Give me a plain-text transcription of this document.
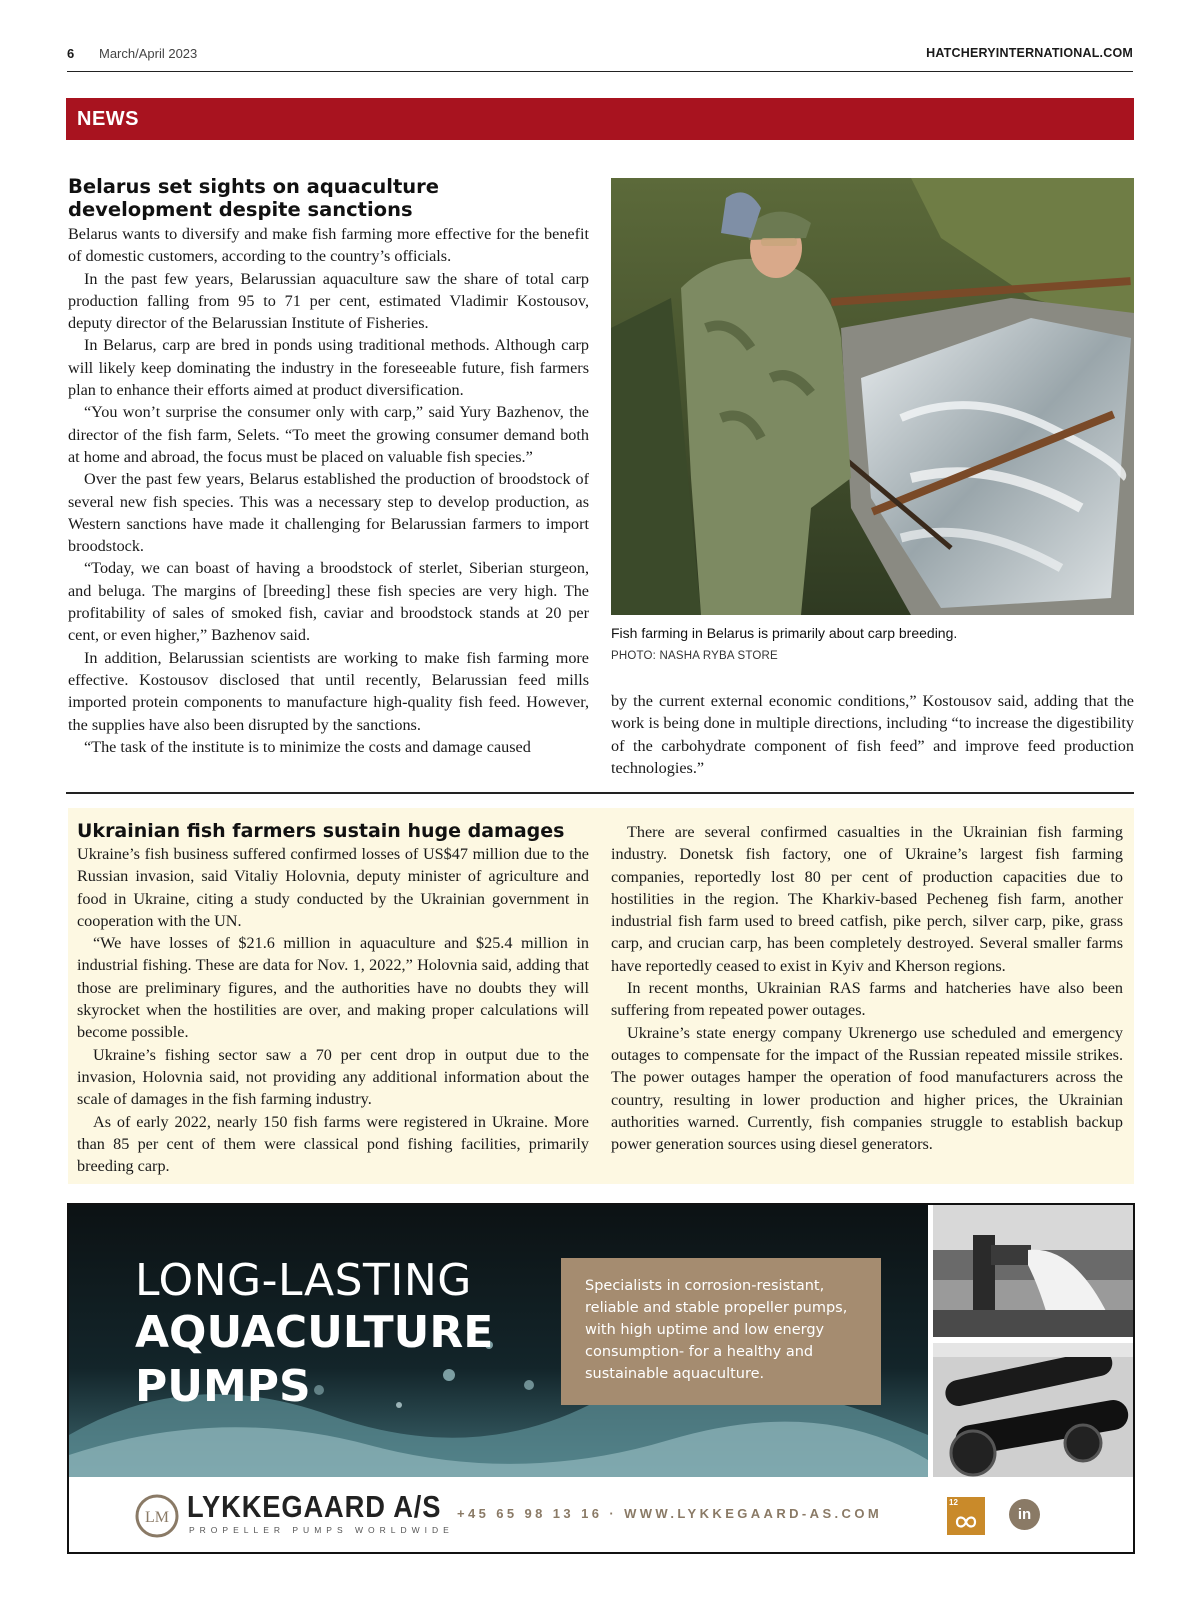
6 March/April 2023	HATCHERYINTERNATIONAL.COM
NEWS
Belarus set sights on aquaculture development despite sanctions

Belarus wants to diversify and make fish farming more effective for the benefit of domestic customers, according to the country’s officials.

In the past few years, Belarussian aquaculture saw the share of total carp production falling from 95 to 71 per cent, estimated Vladimir Kostousov, deputy director of the Belarussian Institute of Fisheries.

In Belarus, carp are bred in ponds using traditional methods. Although carp will likely keep dominating the industry in the foreseeable future, fish farmers plan to enhance their efforts aimed at product diversification.

“You won’t surprise the consumer only with carp,” said Yury Bazhenov, the director of the fish farm, Selets. “To meet the growing consumer demand both at home and abroad, the focus must be placed on valuable fish species.”

Over the past few years, Belarus established the production of broodstock of several new fish species. This was a necessary step to develop production, as Western sanctions have made it challenging for Belarussian farmers to import broodstock.

“Today, we can boast of having a broodstock of sterlet, Siberian sturgeon, and beluga. The margins of [breeding] these fish species are very high. The profitability of sales of smoked fish, caviar and broodstock stands at 20 per cent, or even higher,” Bazhenov said.

In addition, Belarussian scientists are working to make fish farming more effective. Kostousov disclosed that until recently, Belarussian feed mills imported protein components to manufacture high-quality fish feed. However, the supplies have also been disrupted by the sanctions.

“The task of the institute is to minimize the costs and damage caused

Fish farming in Belarus is primarily about carp breeding.
PHOTO: NASHA RYBA STORE

by the current external economic conditions,” Kostousov said, adding that the work is being done in multiple directions, including “to increase the digestibility of the carbohydrate component of fish feed” and improve feed production technologies.”

Ukrainian fish farmers sustain huge damages

Ukraine’s fish business suffered confirmed losses of US$47 million due to the Russian invasion, said Vitaliy Holovnia, deputy minister of agriculture and food in Ukraine, citing a study conducted by the Ukrainian government in cooperation with the UN.

“We have losses of $21.6 million in aquaculture and $25.4 million in industrial fishing. These are data for Nov. 1, 2022,” Holovnia said, adding that those are preliminary figures, and the authorities have no doubts they will skyrocket when the hostilities are over, and making proper calculations will become possible.

Ukraine’s fishing sector saw a 70 per cent drop in output due to the invasion, Holovnia said, not providing any additional information about the scale of damages in the fish farming industry.

As of early 2022, nearly 150 fish farms were registered in Ukraine. More than 85 per cent of them were classical pond fishing facilities, primarily breeding carp.

There are several confirmed casualties in the Ukrainian fish farming industry. Donetsk fish factory, one of Ukraine’s largest fish farming companies, reportedly lost 80 per cent of production capacities due to hostilities in the region. The Kharkiv-based Pecheneg fish farm, another industrial fish farm used to breed catfish, pike perch, silver carp, pike, grass carp, and crucian carp, has been completely destroyed. Several smaller farms have reportedly ceased to exist in Kyiv and Kherson regions.

In recent months, Ukrainian RAS farms and hatcheries have also been suffering from repeated power outages.

Ukraine’s state energy company Ukrenergo use scheduled and emergency outages to compensate for the impact of the Russian repeated missile strikes. The power outages hamper the operation of food manufacturers across the country, resulting in lower production and higher prices, the Ukrainian authorities warned. Currently, fish companies struggle to establish backup power generation sources using diesel generators.

LONG-LASTING
AQUACULTURE
PUMPS
Specialists in corrosion-resistant, reliable and stable propeller pumps, with high uptime and low energy consumption- for a healthy and sustainable aquaculture.
LM LYKKEGAARD A/S
PROPELLER PUMPS WORLDWIDE
+45 65 98 13 16 · WWW.LYKKEGAARD-AS.COM
12
in
